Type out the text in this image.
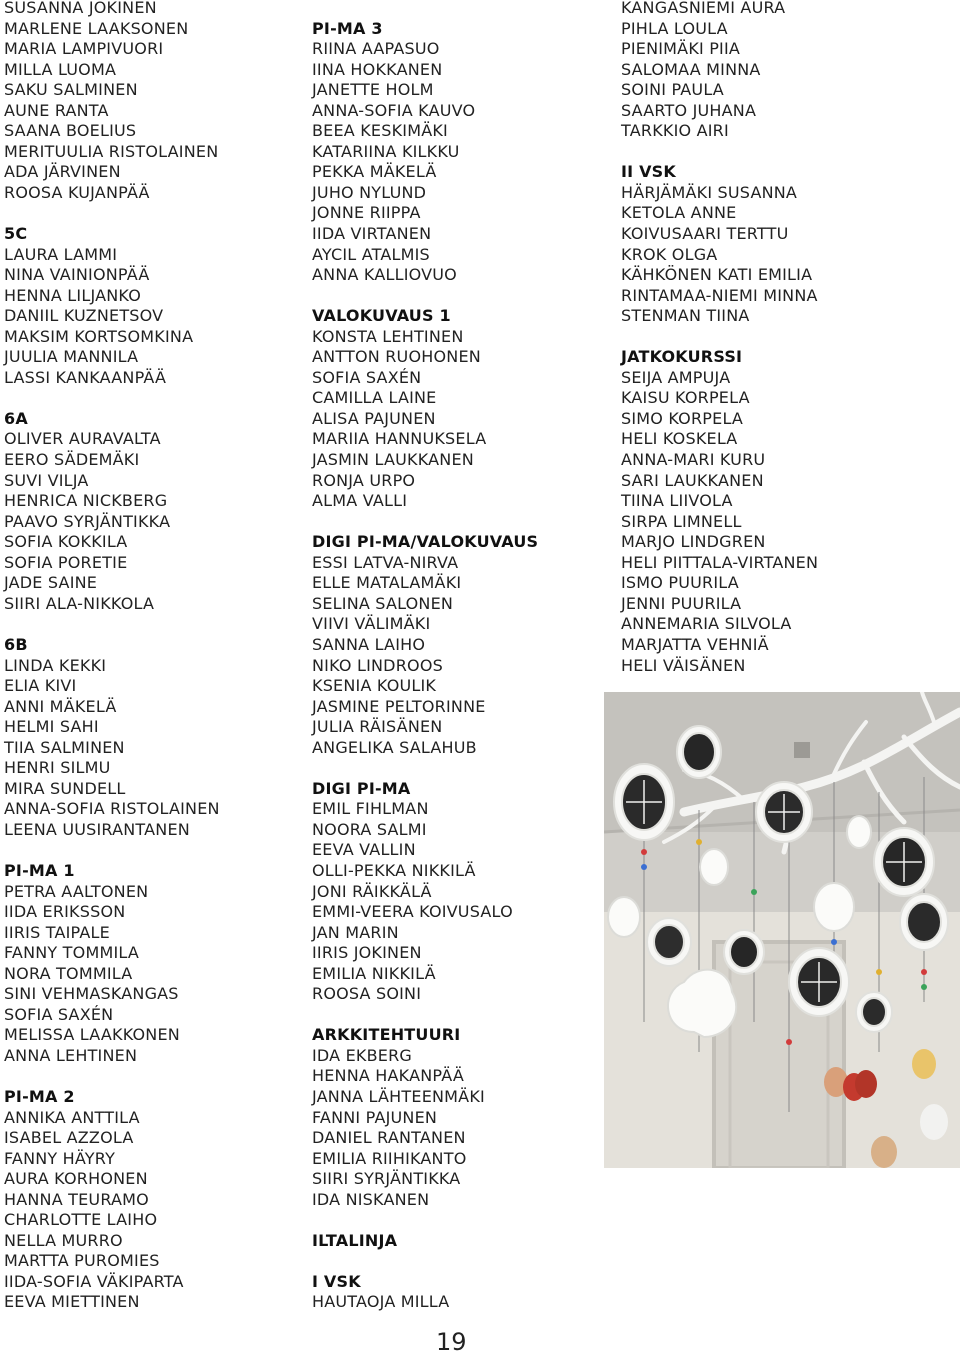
SUSANNA JOKINEN
MARLENE LAAKSONEN
MARIA LAMPIVUORI
MILLA LUOMA
SAKU SALMINEN
AUNE RANTA
SAANA BOELIUS
MERITUULIA RISTOLAINEN
ADA JÄRVINEN
ROOSA KUJANPÄÄ
5C
LAURA LAMMI
NINA VAINIONPÄÄ
HENNA LILJANKO
DANIIL KUZNETSOV
MAKSIM KORTSOMKINA
JUULIA MANNILA
LASSI KANKAANPÄÄ
6A
OLIVER AURAVALTA
EERO SÄDEMÄKI
SUVI VILJA
HENRICA NICKBERG
PAAVO SYRJÄNTIKKA
SOFIA KOKKILA
SOFIA PORETIE
JADE SAINE
SIIRI ALA-NIKKOLA
6B
LINDA KEKKI
ELIA KIVI
ANNI MÄKELÄ
HELMI SAHI
TIIA SALMINEN
HENRI SILMU
MIRA SUNDELL
ANNA-SOFIA RISTOLAINEN
LEENA UUSIRANTANEN
PI-MA 1
PETRA AALTONEN
IIDA ERIKSSON
IIRIS TAIPALE
FANNY TOMMILA
NORA TOMMILA
SINI VEHMASKANGAS
SOFIA SAXÉN
MELISSA LAAKKONEN
ANNA LEHTINEN
PI-MA 2
ANNIKA ANTTILA
ISABEL AZZOLA
FANNY HÄYRY
AURA KORHONEN
HANNA TEURAMO
CHARLOTTE LAIHO
NELLA MURRO
MARTTA PUROMIES
IIDA-SOFIA VÄKIPARTA
EEVA MIETTINEN
PI-MA 3
RIINA AAPASUO
IINA HOKKANEN
JANETTE HOLM
ANNA-SOFIA KAUVO
BEEA KESKIMÄKI
KATARIINA KILKKU
PEKKA MÄKELÄ
JUHO NYLUND
JONNE RIIPPA
IIDA VIRTANEN
AYCIL ATALMIS
ANNA KALLIOVUO
VALOKUVAUS 1
KONSTA LEHTINEN
ANTTON RUOHONEN
SOFIA SAXÉN
CAMILLA LAINE
ALISA PAJUNEN
MARIIA HANNUKSELA
JASMIN LAUKKANEN
RONJA URPO
ALMA VALLI
DIGI PI-MA/VALOKUVAUS
ESSI LATVA-NIRVA
ELLE MATALAMÄKI
SELINA SALONEN
VIIVI VÄLIMÄKI
SANNA LAIHO
NIKO LINDROOS
KSENIA KOULIK
JASMINE PELTORINNE
JULIA RÄISÄNEN
ANGELIKA SALAHUB
DIGI PI-MA
EMIL FIHLMAN
NOORA SALMI
EEVA VALLIN
OLLI-PEKKA NIKKILÄ
JONI RÄIKKÄLÄ
EMMI-VEERA KOIVUSALO
JAN MARIN
IIRIS JOKINEN
EMILIA NIKKILÄ
ROOSA SOINI
ARKKITEHTUURI
IDA EKBERG
HENNA HAKANPÄÄ
JANNA LÄHTEENMÄKI
FANNI PAJUNEN
DANIEL RANTANEN
EMILIA RIIHIKANTO
SIIRI SYRJÄNTIKKA
IDA NISKANEN
ILTALINJA
I VSK
HAUTAOJA MILLA
KANGASNIEMI AURA
PIHLA LOULA
PIENIMÄKI PIIA
SALOMAA MINNA
SOINI PAULA
SAARTO JUHANA
TARKKIO AIRI
II VSK
HÄRJÄMÄKI SUSANNA
KETOLA ANNE
KOIVUSAARI TERTTU
KROK OLGA
KÄHKÖNEN KATI EMILIA
RINTAMAA-NIEMI MINNA
STENMAN TIINA
JATKOKURSSI
SEIJA AMPUJA
KAISU KORPELA
SIMO KORPELA
HELI KOSKELA
ANNA-MARI KURU
SARI LAUKKANEN
TIINA LIIVOLA
SIRPA LIMNELL
MARJO LINDGREN
HELI PIITTALA-VIRTANEN
ISMO PUURILA
JENNI PUURILA
ANNEMARIA SILVOLA
MARJATTA VEHNIÄ
HELI VÄISÄNEN
19
